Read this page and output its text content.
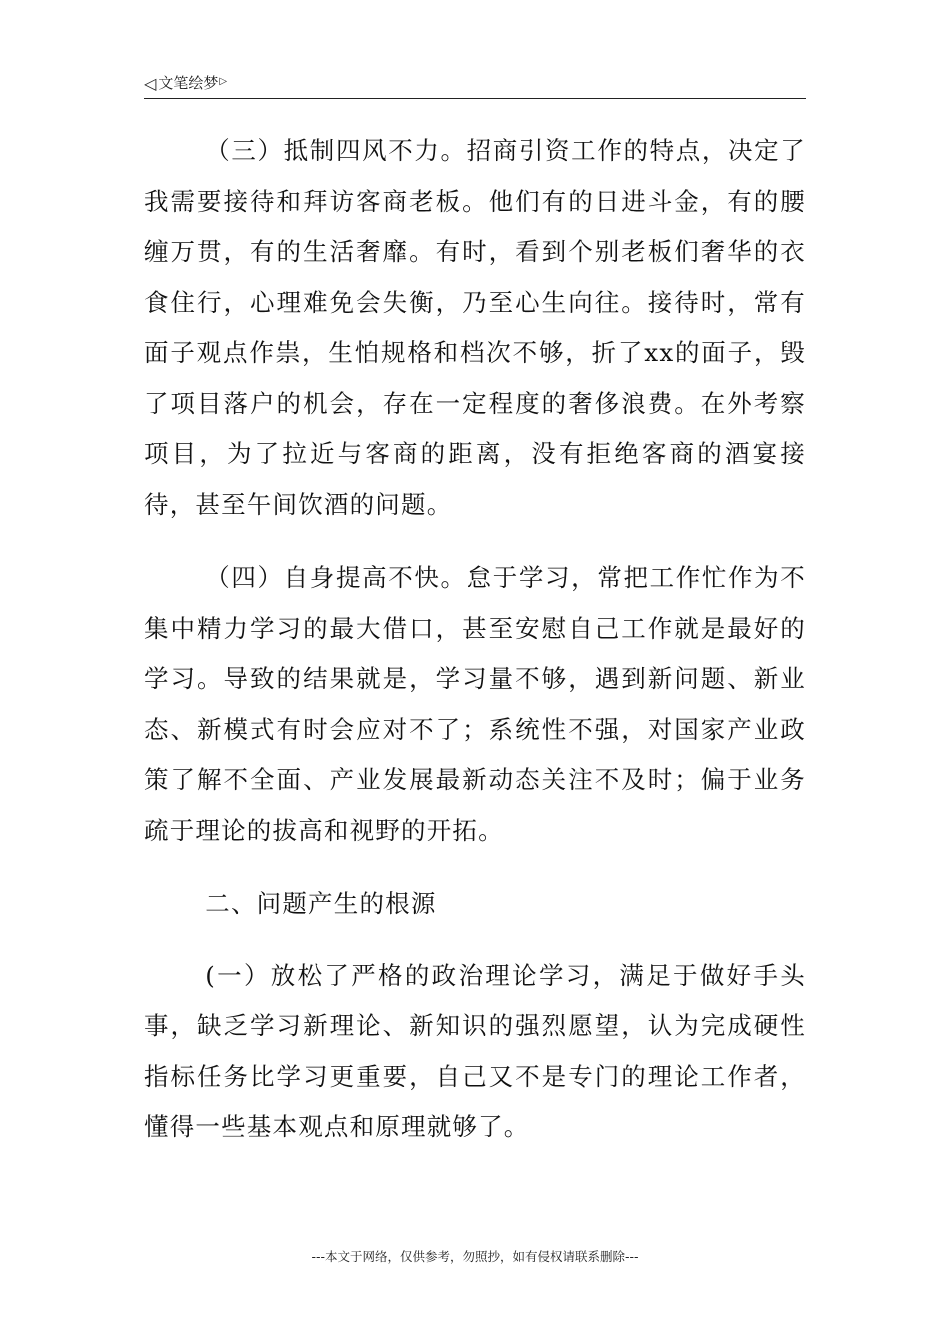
◁ 文笔绘梦▷

（三）抵制四风不力。招商引资工作的特点，决定了我需要接待和拜访客商老板。他们有的日进斗金，有的腰缠万贯，有的生活奢靡。有时，看到个别老板们奢华的衣食住行，心理难免会失衡，乃至心生向往。接待时，常有面子观点作祟，生怕规格和档次不够，折了xx的面子，毁了项目落户的机会，存在一定程度的奢侈浪费。在外考察项目，为了拉近与客商的距离，没有拒绝客商的酒宴接待，甚至午间饮酒的问题。

（四）自身提高不快。怠于学习，常把工作忙作为不集中精力学习的最大借口，甚至安慰自己工作就是最好的学习。导致的结果就是，学习量不够，遇到新问题、新业态、新模式有时会应对不了；系统性不强，对国家产业政策了解不全面、产业发展最新动态关注不及时；偏于业务疏于理论的拔高和视野的开拓。

二、问题产生的根源

(一）放松了严格的政治理论学习，满足于做好手头事，缺乏学习新理论、新知识的强烈愿望，认为完成硬性指标任务比学习更重要，自己又不是专门的理论工作者，懂得一些基本观点和原理就够了。

---本文于网络，仅供参考，勿照抄，如有侵权请联系删除---
